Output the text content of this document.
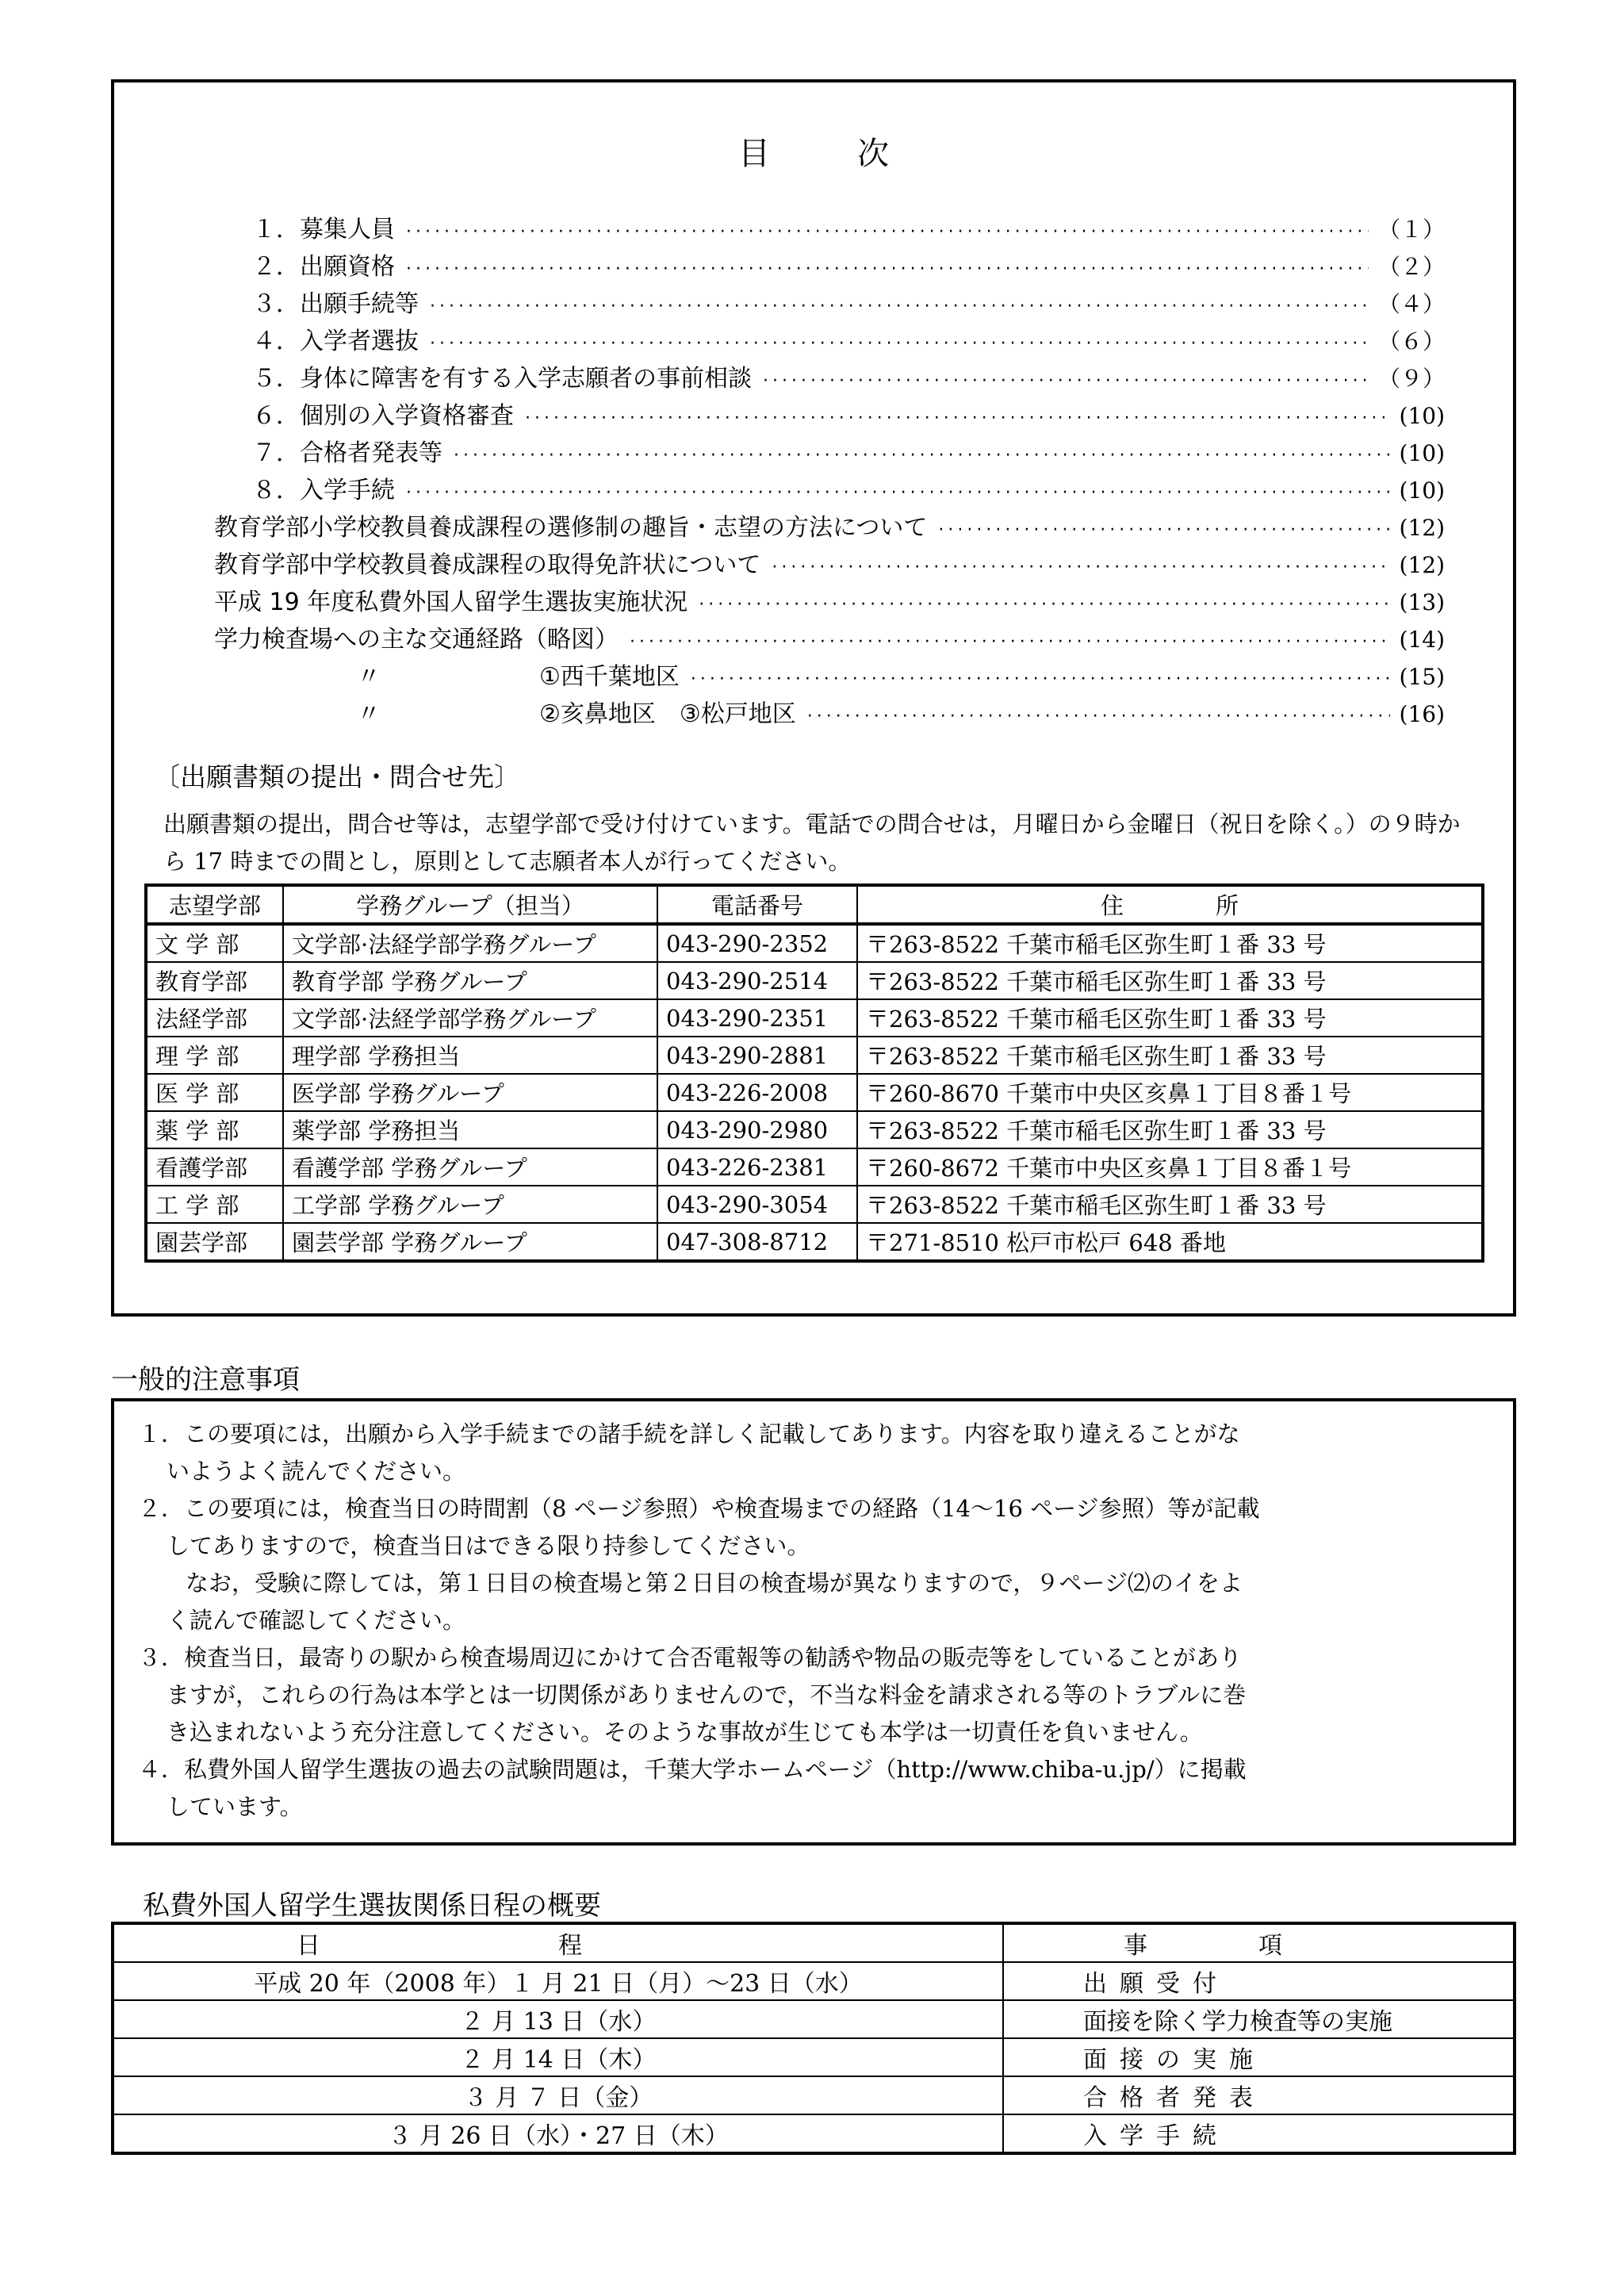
目次
１．募集人員 ·····	（１）
２．出願資格 ·····	（２）
３．出願手続等 ·····	（４）
４．入学者選抜 ·····	（６）
５．身体に障害を有する入学志願者の事前相談 ·····	（９）
６．個別の入学資格審査 ·····	(10)
７．合格者発表等 ·····	(10)
８．入学手続 ·····	(10)
教育学部小学校教員養成課程の選修制の趣旨・志望の方法について ·····	(12)
教育学部中学校教員養成課程の取得免許状について ·····	(12)
平成 19 年度私費外国人留学生選抜実施状況 ·····	(13)
学力検査場への主な交通経路（略図） ·····	(14)
〃	①西千葉地区 ·····	(15)
〃	②亥鼻地区　③松戸地区 ·····	(16)
〔出願書類の提出・問合せ先〕
出願書類の提出，問合せ等は，志望学部で受け付けています。電話での問合せは，月曜日から金曜日（祝日を除く。）の９時から 17 時までの間とし，原則として志願者本人が行ってください。
志望学部	学務グループ（担当）	電話番号	住　　　　所
文 学 部	文学部·法経学部学務グループ	043-290-2352	〒263-8522 千葉市稲毛区弥生町１番 33 号
教育学部	教育学部 学務グループ	043-290-2514	〒263-8522 千葉市稲毛区弥生町１番 33 号
法経学部	文学部·法経学部学務グループ	043-290-2351	〒263-8522 千葉市稲毛区弥生町１番 33 号
理 学 部	理学部 学務担当	043-290-2881	〒263-8522 千葉市稲毛区弥生町１番 33 号
医 学 部	医学部 学務グループ	043-226-2008	〒260-8670 千葉市中央区亥鼻１丁目８番１号
薬 学 部	薬学部 学務担当	043-290-2980	〒263-8522 千葉市稲毛区弥生町１番 33 号
看護学部	看護学部 学務グループ	043-226-2381	〒260-8672 千葉市中央区亥鼻１丁目８番１号
工 学 部	工学部 学務グループ	043-290-3054	〒263-8522 千葉市稲毛区弥生町１番 33 号
園芸学部	園芸学部 学務グループ	047-308-8712	〒271-8510 松戸市松戸 648 番地
一般的注意事項
１．この要項には，出願から入学手続までの諸手続を詳しく記載してあります。内容を取り違えることがな
いようよく読んでください。
２．この要項には，検査当日の時間割（8 ページ参照）や検査場までの経路（14〜16 ページ参照）等が記載
してありますので，検査当日はできる限り持参してください。
なお，受験に際しては，第１日目の検査場と第２日目の検査場が異なりますので，９ページ⑵のイをよ
く読んで確認してください。
３．検査当日，最寄りの駅から検査場周辺にかけて合否電報等の勧誘や物品の販売等をしていることがあり
ますが，これらの行為は本学とは一切関係がありませんので，不当な料金を請求される等のトラブルに巻
き込まれないよう充分注意してください。そのような事故が生じても本学は一切責任を負いません。
４．私費外国人留学生選抜の過去の試験問題は，千葉大学ホームページ（http://www.chiba-u.jp/）に掲載
しています。
私費外国人留学生選抜関係日程の概要
日程	事項
平成 20 年（2008 年）１ 月 21 日（月）〜23 日（水）	出願受付
２ 月 13 日（水）	面接を除く学力検査等の実施
２ 月 14 日（木）	面接の実施
３ 月 ７ 日（金）	合格者発表
３ 月 26 日（水）・27 日（木）	入学手続
